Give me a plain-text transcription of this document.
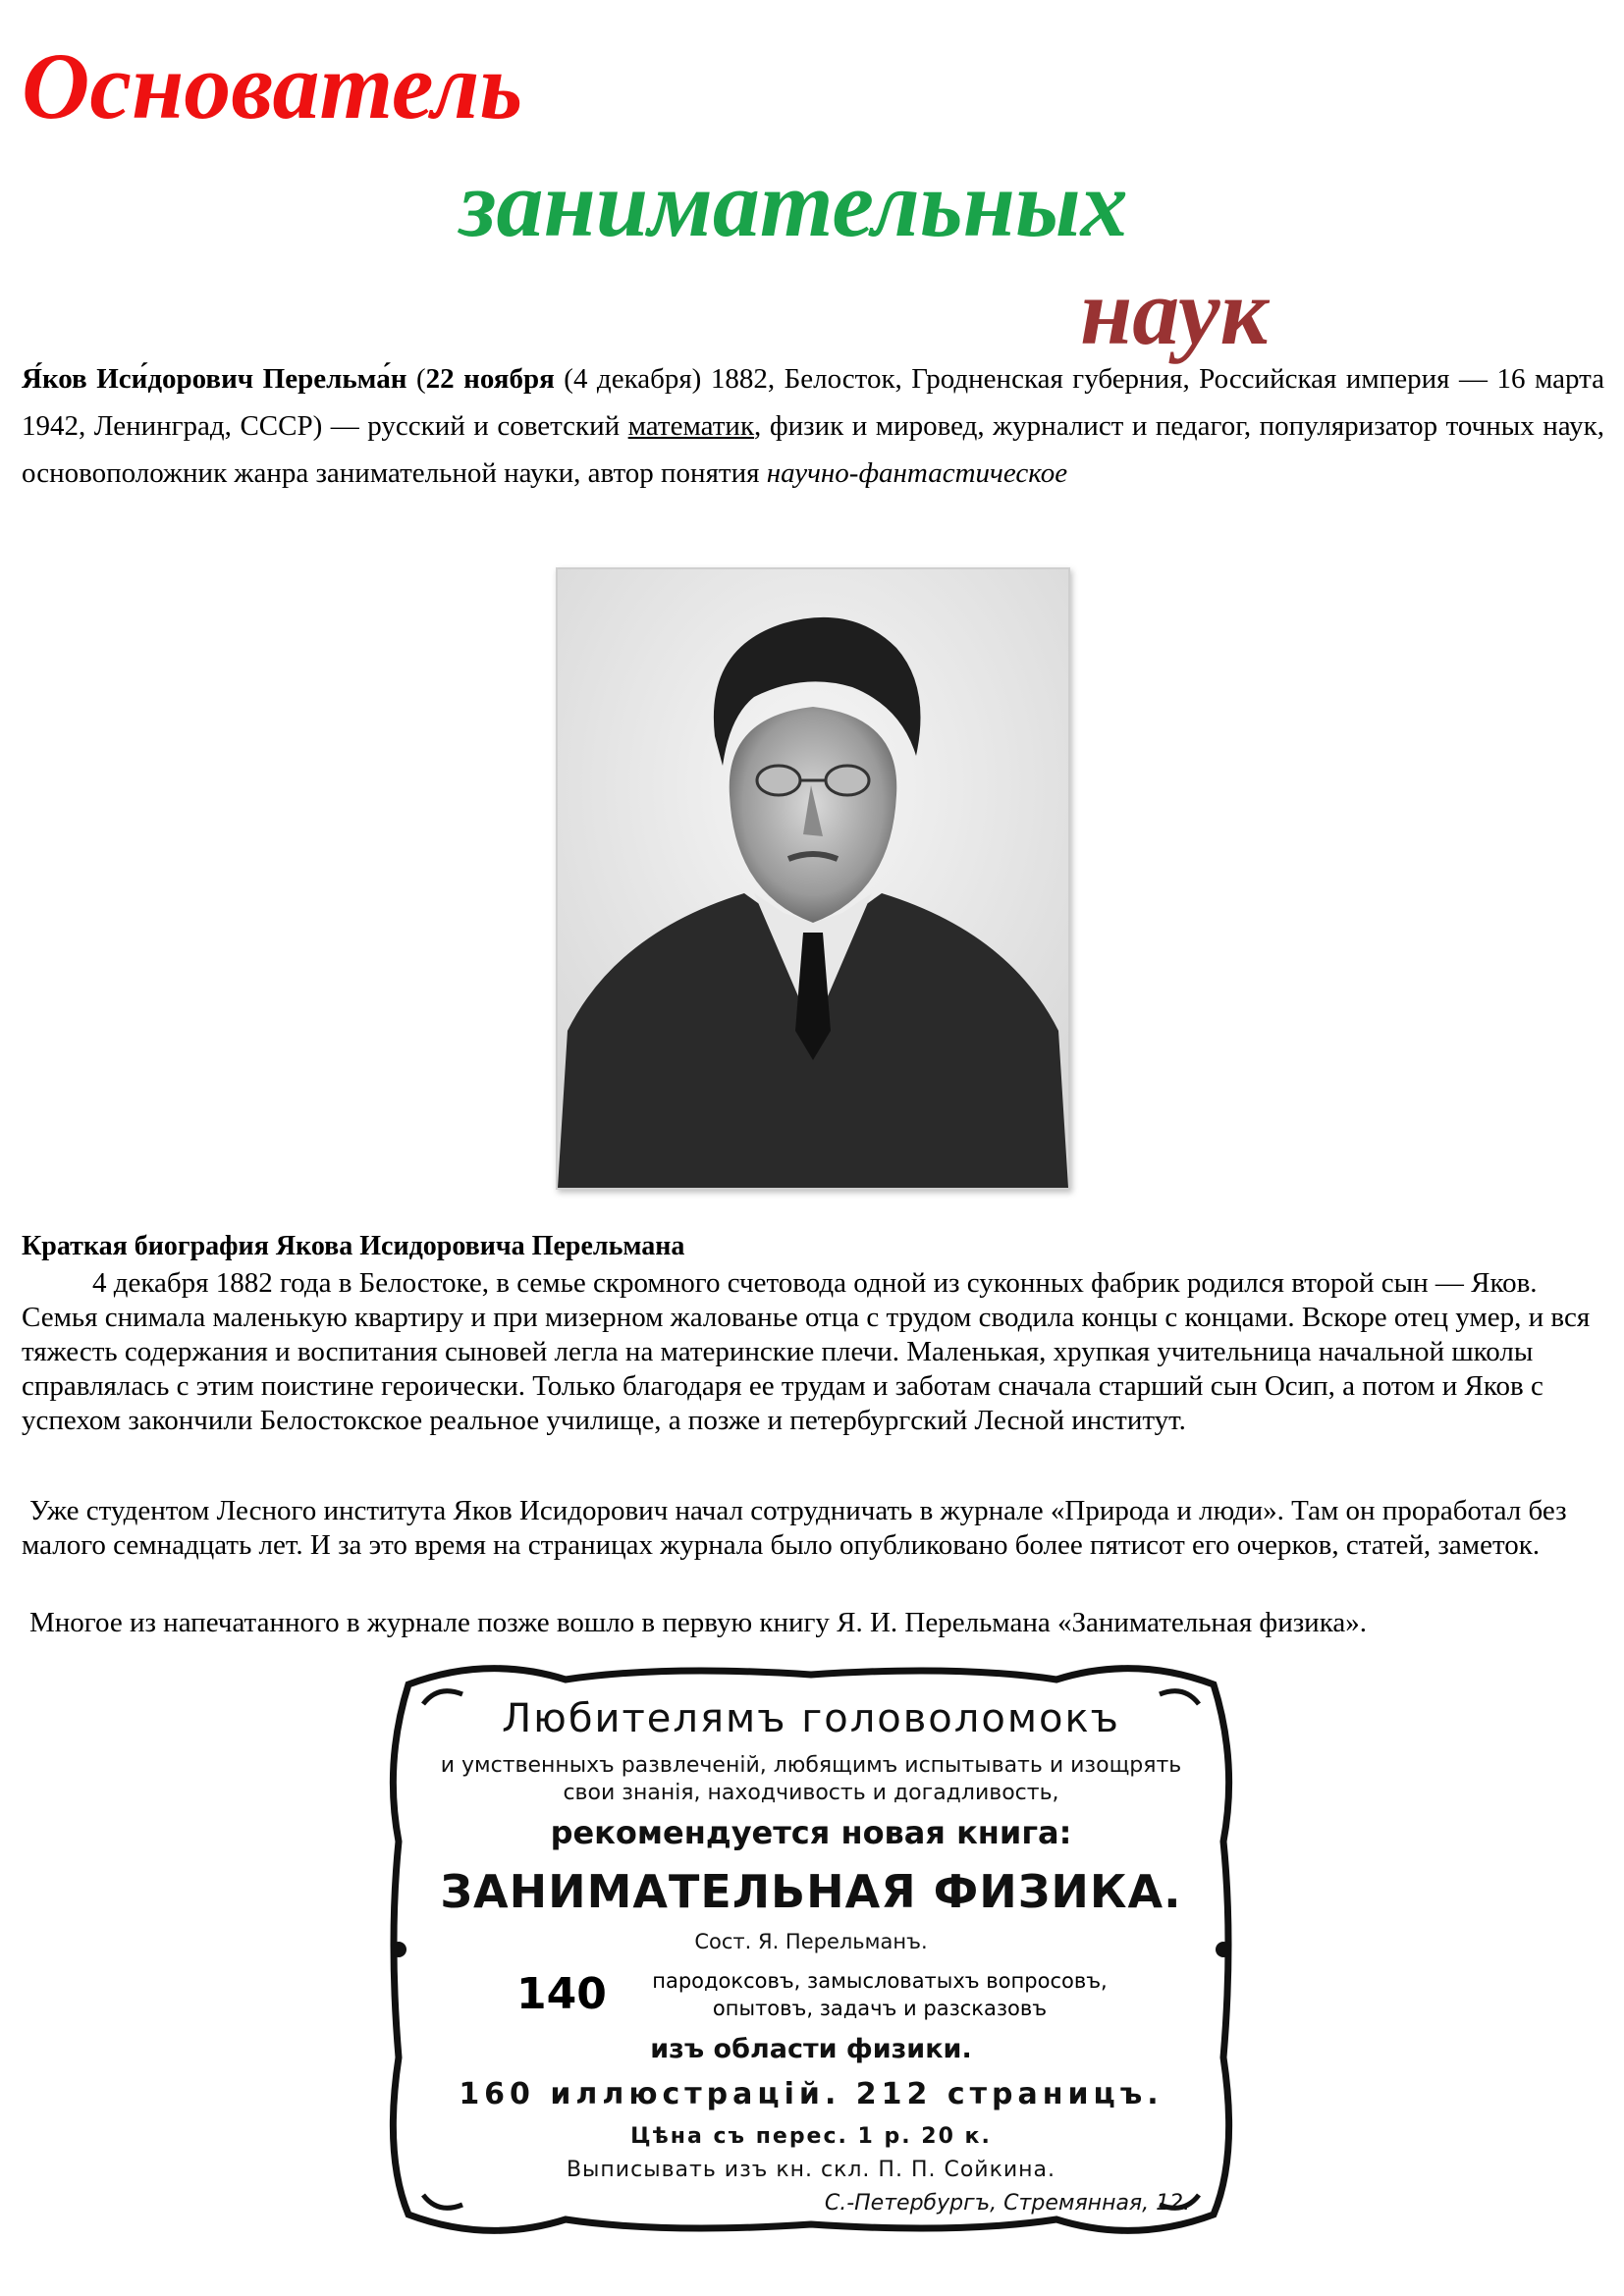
Основатель
занимательных
наук

Я́ков Иси́дорович Перельма́н (22 ноября (4 декабря) 1882, Белосток, Гродненская губерния, Российская империя — 16 марта 1942, Ленинград, СССР) — русский и советский математик, физик и мировед, журналист и педагог, популяризатор точных наук, основоположник жанра занимательной науки, автор понятия научно-фантастическое

Краткая биография Якова Исидоровича Перельмана

4 декабря 1882 года в Белостоке, в семье скромного счетовода одной из суконных фабрик родился второй сын — Яков. Семья снимала маленькую квартиру и при мизерном жалованье отца с трудом сводила концы с концами. Вскоре отец умер, и вся тяжесть содержания и воспитания сыновей легла на материнские плечи. Маленькая, хрупкая учительница начальной школы справлялась с этим поистине героически. Только благодаря ее трудам и заботам сначала старший сын Осип, а потом и Яков с успехом закончили Белостокское реальное училище, а позже и петербургский Лесной институт.

Уже студентом Лесного института Яков Исидорович начал сотрудничать в журнале «Природа и люди». Там он проработал без малого семнадцать лет. И за это время на страницах журнала было опубликовано более пятисот его очерков, статей, заметок.

Многое из напечатанного в журнале позже вошло в первую книгу Я. И. Перельмана «Занимательная физика».

Любителямъ головоломокъ

и умственныхъ развлеченій, любящимъ испытывать и изощрять

свои знанія, находчивость и догадливость,

рекомендуется новая книга:

ЗАНИМАТЕЛЬНАЯ ФИЗИКА.

Сост. Я. Перельманъ.

140	пародоксовъ, замысловатыхъ вопросовъ,

опытовъ, задачъ и разсказовъ

изъ области физики.

160 иллюстрацій. 212 страницъ.

Цѣна съ перес. 1 р. 20 к.

Выписывать изъ кн. скл. П. П. Сойкина.

С.-Петербургъ, Стремянная, 12.
